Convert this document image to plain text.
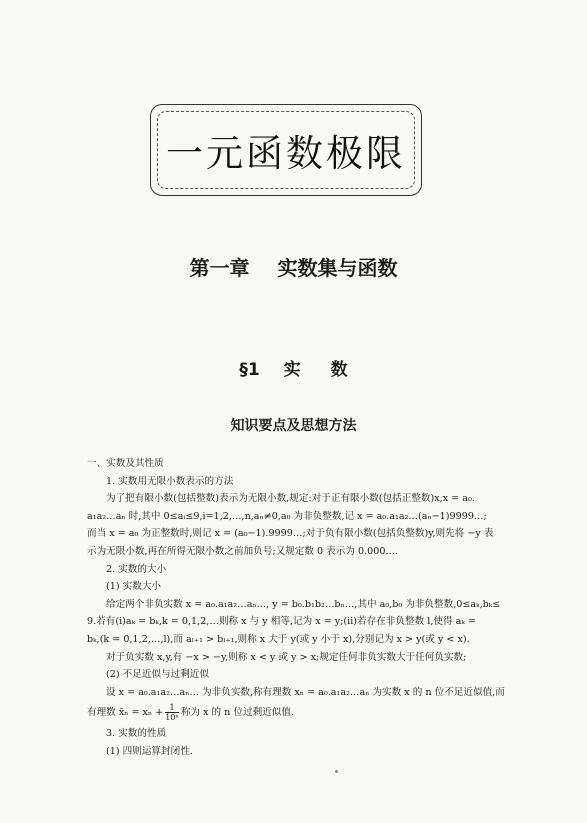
一元函数极限
第一章 实数集与函数
§1 实 数
知识要点及思想方法
一、实数及其性质
1. 实数用无限小数表示的方法
为了把有限小数(包括整数)表示为无限小数,规定:对于正有限小数(包括正整数)x,x = a₀.
a₁a₂…aₙ 时,其中 0≤aᵢ≤9,i=1,2,…,n,aₙ≠0,a₀ 为非负整数,记 x = a₀.a₁a₂…(aₙ−1)9999…;
而当 x = a₀ 为正整数时,则记 x = (a₀−1).9999…;对于负有限小数(包括负整数)y,则先将 −y 表
示为无限小数,再在所得无限小数之前加负号;又规定数 0 表示为 0.000….
2. 实数的大小
(1) 实数大小
给定两个非负实数 x = a₀.a₁a₂…aₙ…, y = b₀.b₁b₂…bₙ…,其中 a₀,b₀ 为非负整数,0≤aₖ,bₖ≤
9.若有(ⅰ)aₖ = bₖ,k = 0,1,2,…则称 x 与 y 相等,记为 x = y;(ⅱ)若存在非负整数 l,使得 aₖ =
bₖ,(k = 0,1,2,…,l),而 aₗ₊₁ > bₗ₊₁,则称 x 大于 y(或 y 小于 x),分别记为 x > y(或 y < x).
对于负实数 x,y,有 −x > −y,则称 x < y 或 y > x;规定任何非负实数大于任何负实数;
(2) 不足近似与过剩近似
设 x = a₀.a₁a₂…aₙ… 为非负实数,称有理数 xₙ = a₀.a₁a₂…aₙ 为实数 x 的 n 位不足近似值,而
有理数 x̄ₙ = $x_n + \frac{1}{\text{10ⁿ}}$ 称为 x 的 n 位过剩近似值.
3. 实数的性质
(1) 四则运算封闭性.
